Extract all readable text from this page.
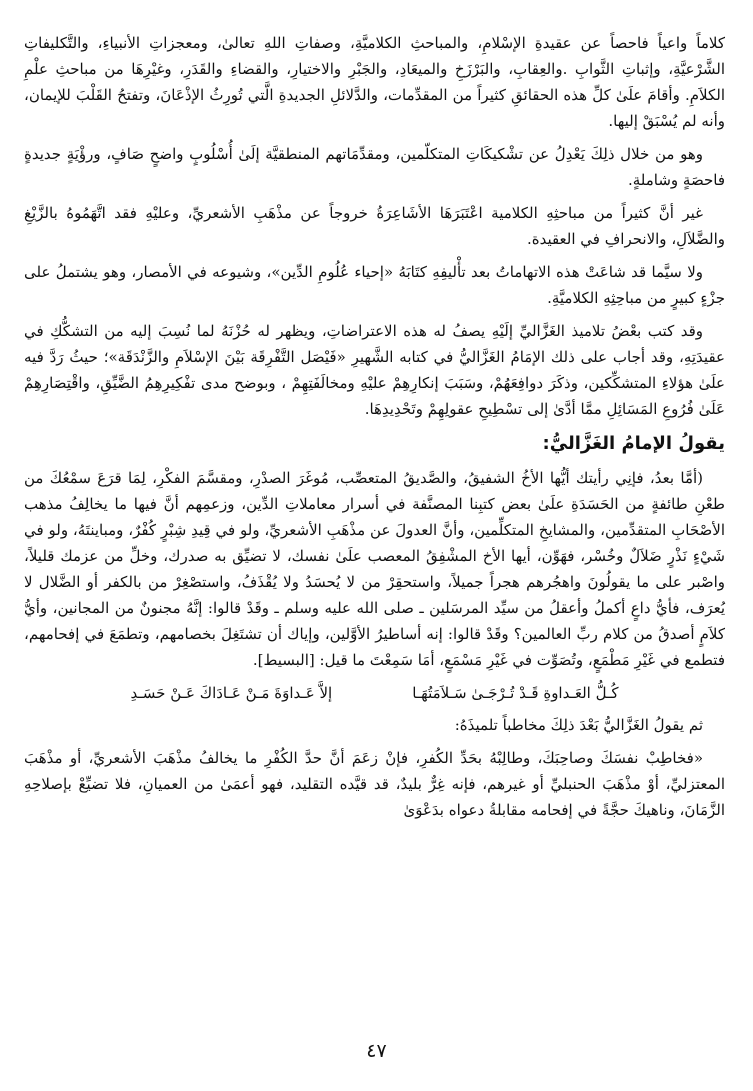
كلاماً واعياً فاحصاً عن عقيدةِ الإسْلامِ، والمباحثِ الكلاميَّةِ، وصفاتِ اللهِ تعالىٰ، ومعجزاتِ الأنبياءِ، والتَّكليفاتِ الشَّرْعيَّةِ، وإثباتِ الثَّوابِ .والعِقابِ، والبَرْزَخِ والميعَادِ، والجَبْرِ والاختيارِ، والقضاءِ والقَدَرِ، وغيْرِهَا من مباحثِ علْمِ الكلاَمِ. وأقامَ علَىٰ كلِّ هذه الحقائقِ كثيراً من المقدِّمات، والدَّلائلِ الجديدةِ الَّتي تُورِثُ الإذْعَانَ، وتفتحُ القَلْبَ للإيمان، وأنه لم يُسْبَقْ إليها.

وهو من خلال ذلِكَ يَعْدِلُ عن تشْكيكَاتِ المتكلّمين، ومقدِّمَاتهم المنطقيَّة إلَىٰ أُسْلُوبٍ واضحٍ صَافٍ، ورؤْيَةٍ جديدةٍ فاحصَةٍ وشاملةٍ.

غير أنَّ كثيراً من مباحثِهِ الكلامية اعْتَبَرَهَا الأشَاعِرَةُ خروجاً عن مذْهَبِ الأشعريِّ، وعليْهِ فقد اتَّهَمُوهُ بالزَّيْغِ والضَّلاَلِ، والانحرافِ في العقيدة.

ولا سيَّما قد شاعَتْ هذه الاتهاماتُ بعد تأْليفِهِ كتَابَهُ «إحياء عُلُومِ الدِّين»، وشيوعه في الأمصار، وهو يشتملُ على جزْءٍ كبيرٍ من مباحِثِهِ الكلاميَّةِ.

وقد كتب بعْضُ تلاميذ الغَزَّاليِّ إلَيْهِ يصفُ له هذه الاعتراضاتِ، ويظهر له حُزْنَهُ لما نُسِبَ إليه من التشكُّكِ في عقيدَتِهِ، وقد أجاب على ذلك الإمَامُ الغَزَّاليُّ في كتابه الشَّهيرِ «فَيْصَل التَّفْرِقَة بَيْنَ الإسْلاَمِ والزَّنْدَقَة»؛ حيثُ رَدَّ فيه علَىٰ هؤلاءِ المتشكِّكين، وذكَرَ دوافِعَهُمْ، وسَبَبَ إنكارِهِمْ عليْهِ ومخالَفَتِهِمْ ، وبوضح مدى تفْكِيرِهِمُ الضَّيِّقِ، واقْتِصَارِهِمْ عَلَىٰ فُرُوعِ المَسَائِلِ ممَّا أدَّىٰ إلى تسْطِيحِ عقولِهِمْ وتَحْدِيدِهَا.

يقولُ الإمامُ الغَزَّاليُّ:

(أمَّا بعدُ، فإنِي رأيتك أيُّها الأخُ الشفيقُ، والصَّديقُ المتعصِّب، مُوغَرَ الصدْرِ، ومقسَّمَ الفكْرِ، لِمَا قرَعَ سمْعُكَ من طعْنِ طائفةٍ من الحَسَدَةِ علَىٰ بعض كتبِنا المصنَّفة في أسرار معاملاتِ الدِّين، وزعمِهم أنَّ فيها ما يخالِفُ مذهب الأصْحَابِ المتقدِّمين، والمشايخِ المتكلِّمين، وأنَّ العدولَ عن مذْهَبِ الأشعريِّ، ولو في قِيدِ شِبْرٍ كُفْرٌ، ومباينتَهُ، ولو في شَيْءٍ نَذْرٍ ضَلاَلٌ وخُسْر، فهَوِّن، أيها الأخ المشْفِقُ المعصب علَىٰ نفسك، لا تضيِّق به صدرك، وخلِّ من عزمك قليلاً، واصْبر على ما يقولُونَ واهجُرهم هجراً جميلاً، واستحقِرْ من لا يُحسَدُ ولا يُقْذَفُ، واستصْغِرْ من بالكفر أو الضَّلال لا يُعرَف، فأيُّ داعٍ أكملُ وأعقلُ من سيِّد المرسَلين ـ صلى الله عليه وسلم ـ وقَدْ قالوا: إنَّهُ مجنونٌ من المجانين، وأيُّ كلاَمٍ أصدقُ من كلام ربِّ العالمين؟ وقَدْ قالوا: إنه أساطيرُ الأوَّلين، وإياك أن تشتَغِلَ بخصامهم، وتطمَعَ في إفحامهم، فتطمع في غَيْرِ مَطْمَعٍ، وتُصَوِّت في غَيْرِ مَسْمَعٍ، أمَا سَمِعْتَ ما قيل: [البسيط].

كُـلُّ العَـداوةِ قَـدْ تُـرْجَـىٰ سَـلاَمَتُهَـا
إلاَّ عَـداوَةَ مَـنْ عَـادَاكَ عَـنْ حَسَـدِ

ثم يقولُ الغَزَّاليُّ بَعْدَ ذلِكَ مخاطباً تلميذَهُ:

«فخاطِبْ نفسَكَ وصاحِبَكَ، وطالِبْهُ بحَدِّ الكُفرِ، فإنْ زعَمَ أنَّ حدَّ الكُفْرِ ما يخالفُ مذْهَبَ الأشعريِّ، أو مذْهَبَ المعتزليِّ، أوْ مذْهَبَ الحنبليِّ أو غيرهم، فإنه غِرٌّ بليدٌ، قد قيَّده التقليد، فهو أعمَىٰ من العميانِ، فلا تضيِّعْ بإصلاحِهِ الزَّمَانَ، وناهيكَ حجَّةً في إفحامه مقابلةُ دعواه بدَعْوَىٰ

٤٧
